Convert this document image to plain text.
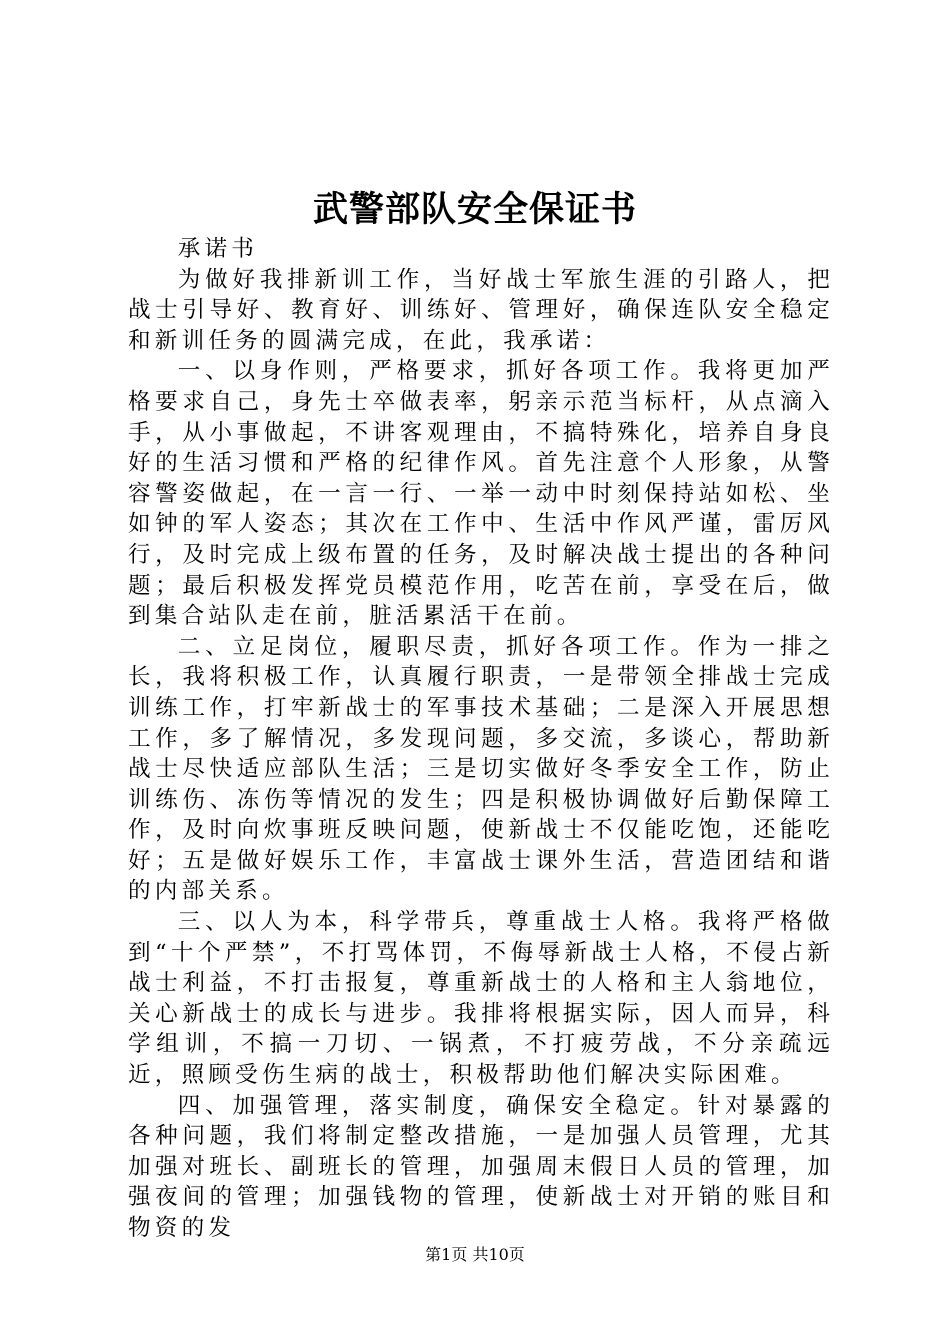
武警部队安全保证书

承诺书

为做好我排新训工作，当好战士军旅生涯的引路人，把战士引导好、教育好、训练好、管理好，确保连队安全稳定和新训任务的圆满完成，在此，我承诺：

一、以身作则，严格要求，抓好各项工作。我将更加严格要求自己，身先士卒做表率，躬亲示范当标杆，从点滴入手，从小事做起，不讲客观理由，不搞特殊化，培养自身良好的生活习惯和严格的纪律作风。首先注意个人形象，从警容警姿做起，在一言一行、一举一动中时刻保持站如松、坐如钟的军人姿态；其次在工作中、生活中作风严谨，雷厉风行，及时完成上级布置的任务，及时解决战士提出的各种问题；最后积极发挥党员模范作用，吃苦在前，享受在后，做到集合站队走在前，脏活累活干在前。

二、立足岗位，履职尽责，抓好各项工作。作为一排之长，我将积极工作，认真履行职责，一是带领全排战士完成训练工作，打牢新战士的军事技术基础；二是深入开展思想工作，多了解情况，多发现问题，多交流，多谈心，帮助新战士尽快适应部队生活；三是切实做好冬季安全工作，防止训练伤、冻伤等情况的发生；四是积极协调做好后勤保障工作，及时向炊事班反映问题，使新战士不仅能吃饱，还能吃好；五是做好娱乐工作，丰富战士课外生活，营造团结和谐的内部关系。

三、以人为本，科学带兵，尊重战士人格。我将严格做到“十个严禁”，不打骂体罚，不侮辱新战士人格，不侵占新战士利益，不打击报复，尊重新战士的人格和主人翁地位，关心新战士的成长与进步。我排将根据实际，因人而异，科学组训，不搞一刀切、一锅煮，不打疲劳战，不分亲疏远近，照顾受伤生病的战士，积极帮助他们解决实际困难。

四、加强管理，落实制度，确保安全稳定。针对暴露的各种问题，我们将制定整改措施，一是加强人员管理，尤其加强对班长、副班长的管理，加强周末假日人员的管理，加强夜间的管理；加强钱物的管理，使新战士对开销的账目和物资的发

第1页 共10页
